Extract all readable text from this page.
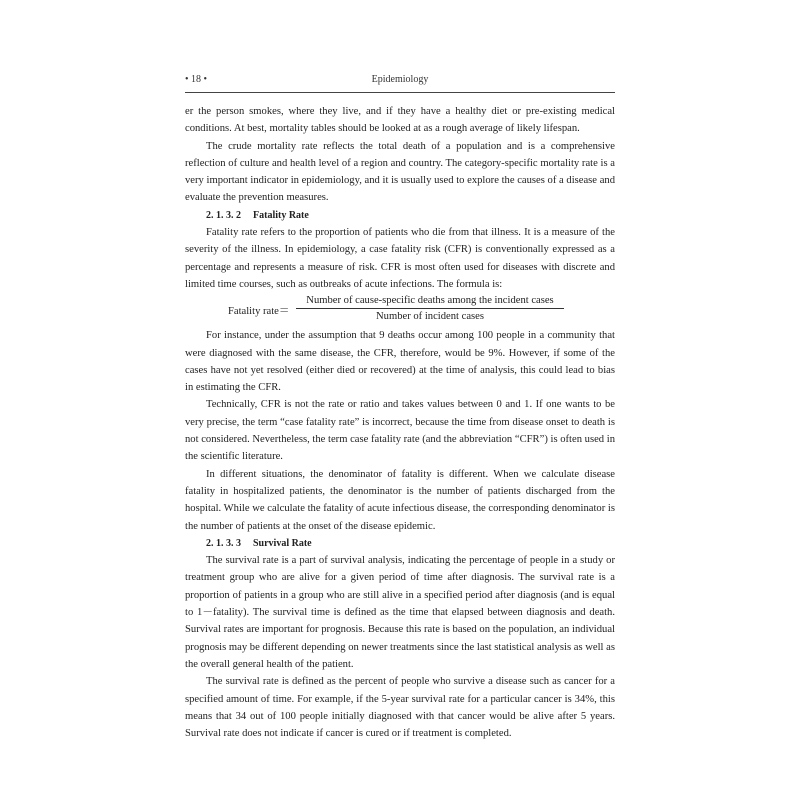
• 18 •	Epidemiology

er the person smokes, where they live, and if they have a healthy diet or pre-existing medical conditions. At best, mortality tables should be looked at as a rough average of likely lifespan.

The crude mortality rate reflects the total death of a population and is a comprehensive reflection of culture and health level of a region and country. The category-specific mortality rate is a very important indicator in epidemiology, and it is usually used to explore the causes of a disease and evaluate the prevention measures.

2. 1. 3. 2 Fatality Rate

Fatality rate refers to the proportion of patients who die from that illness. It is a measure of the severity of the illness. In epidemiology, a case fatality risk (CFR) is conventionally expressed as a percentage and represents a measure of risk. CFR is most often used for diseases with discrete and limited time courses, such as outbreaks of acute infections. The formula is:

Fatality rate＝
Number of cause-specific deaths among the incident cases
Number of incident cases

For instance, under the assumption that 9 deaths occur among 100 people in a community that were diagnosed with the same disease, the CFR, therefore, would be 9%. However, if some of the cases have not yet resolved (either died or recovered) at the time of analysis, this could lead to bias in estimating the CFR.

Technically, CFR is not the rate or ratio and takes values between 0 and 1. If one wants to be very precise, the term “case fatality rate” is incorrect, because the time from disease onset to death is not considered. Nevertheless, the term case fatality rate (and the abbreviation “CFR”) is often used in the scientific literature.

In different situations, the denominator of fatality is different. When we calculate disease fatality in hospitalized patients, the denominator is the number of patients discharged from the hospital. While we calculate the fatality of acute infectious disease, the corresponding denominator is the number of patients at the onset of the disease epidemic.

2. 1. 3. 3 Survival Rate

The survival rate is a part of survival analysis, indicating the percentage of people in a study or treatment group who are alive for a given period of time after diagnosis. The survival rate is a proportion of patients in a group who are still alive in a specified period after diagnosis (and is equal to 1－fatality). The survival time is defined as the time that elapsed between diagnosis and death. Survival rates are important for prognosis. Because this rate is based on the population, an individual prognosis may be different depending on newer treatments since the last statistical analysis as well as the overall general health of the patient.

The survival rate is defined as the percent of people who survive a disease such as cancer for a specified amount of time. For example, if the 5-year survival rate for a particular cancer is 34%, this means that 34 out of 100 people initially diagnosed with that cancer would be alive after 5 years. Survival rate does not indicate if cancer is cured or if treatment is completed.
